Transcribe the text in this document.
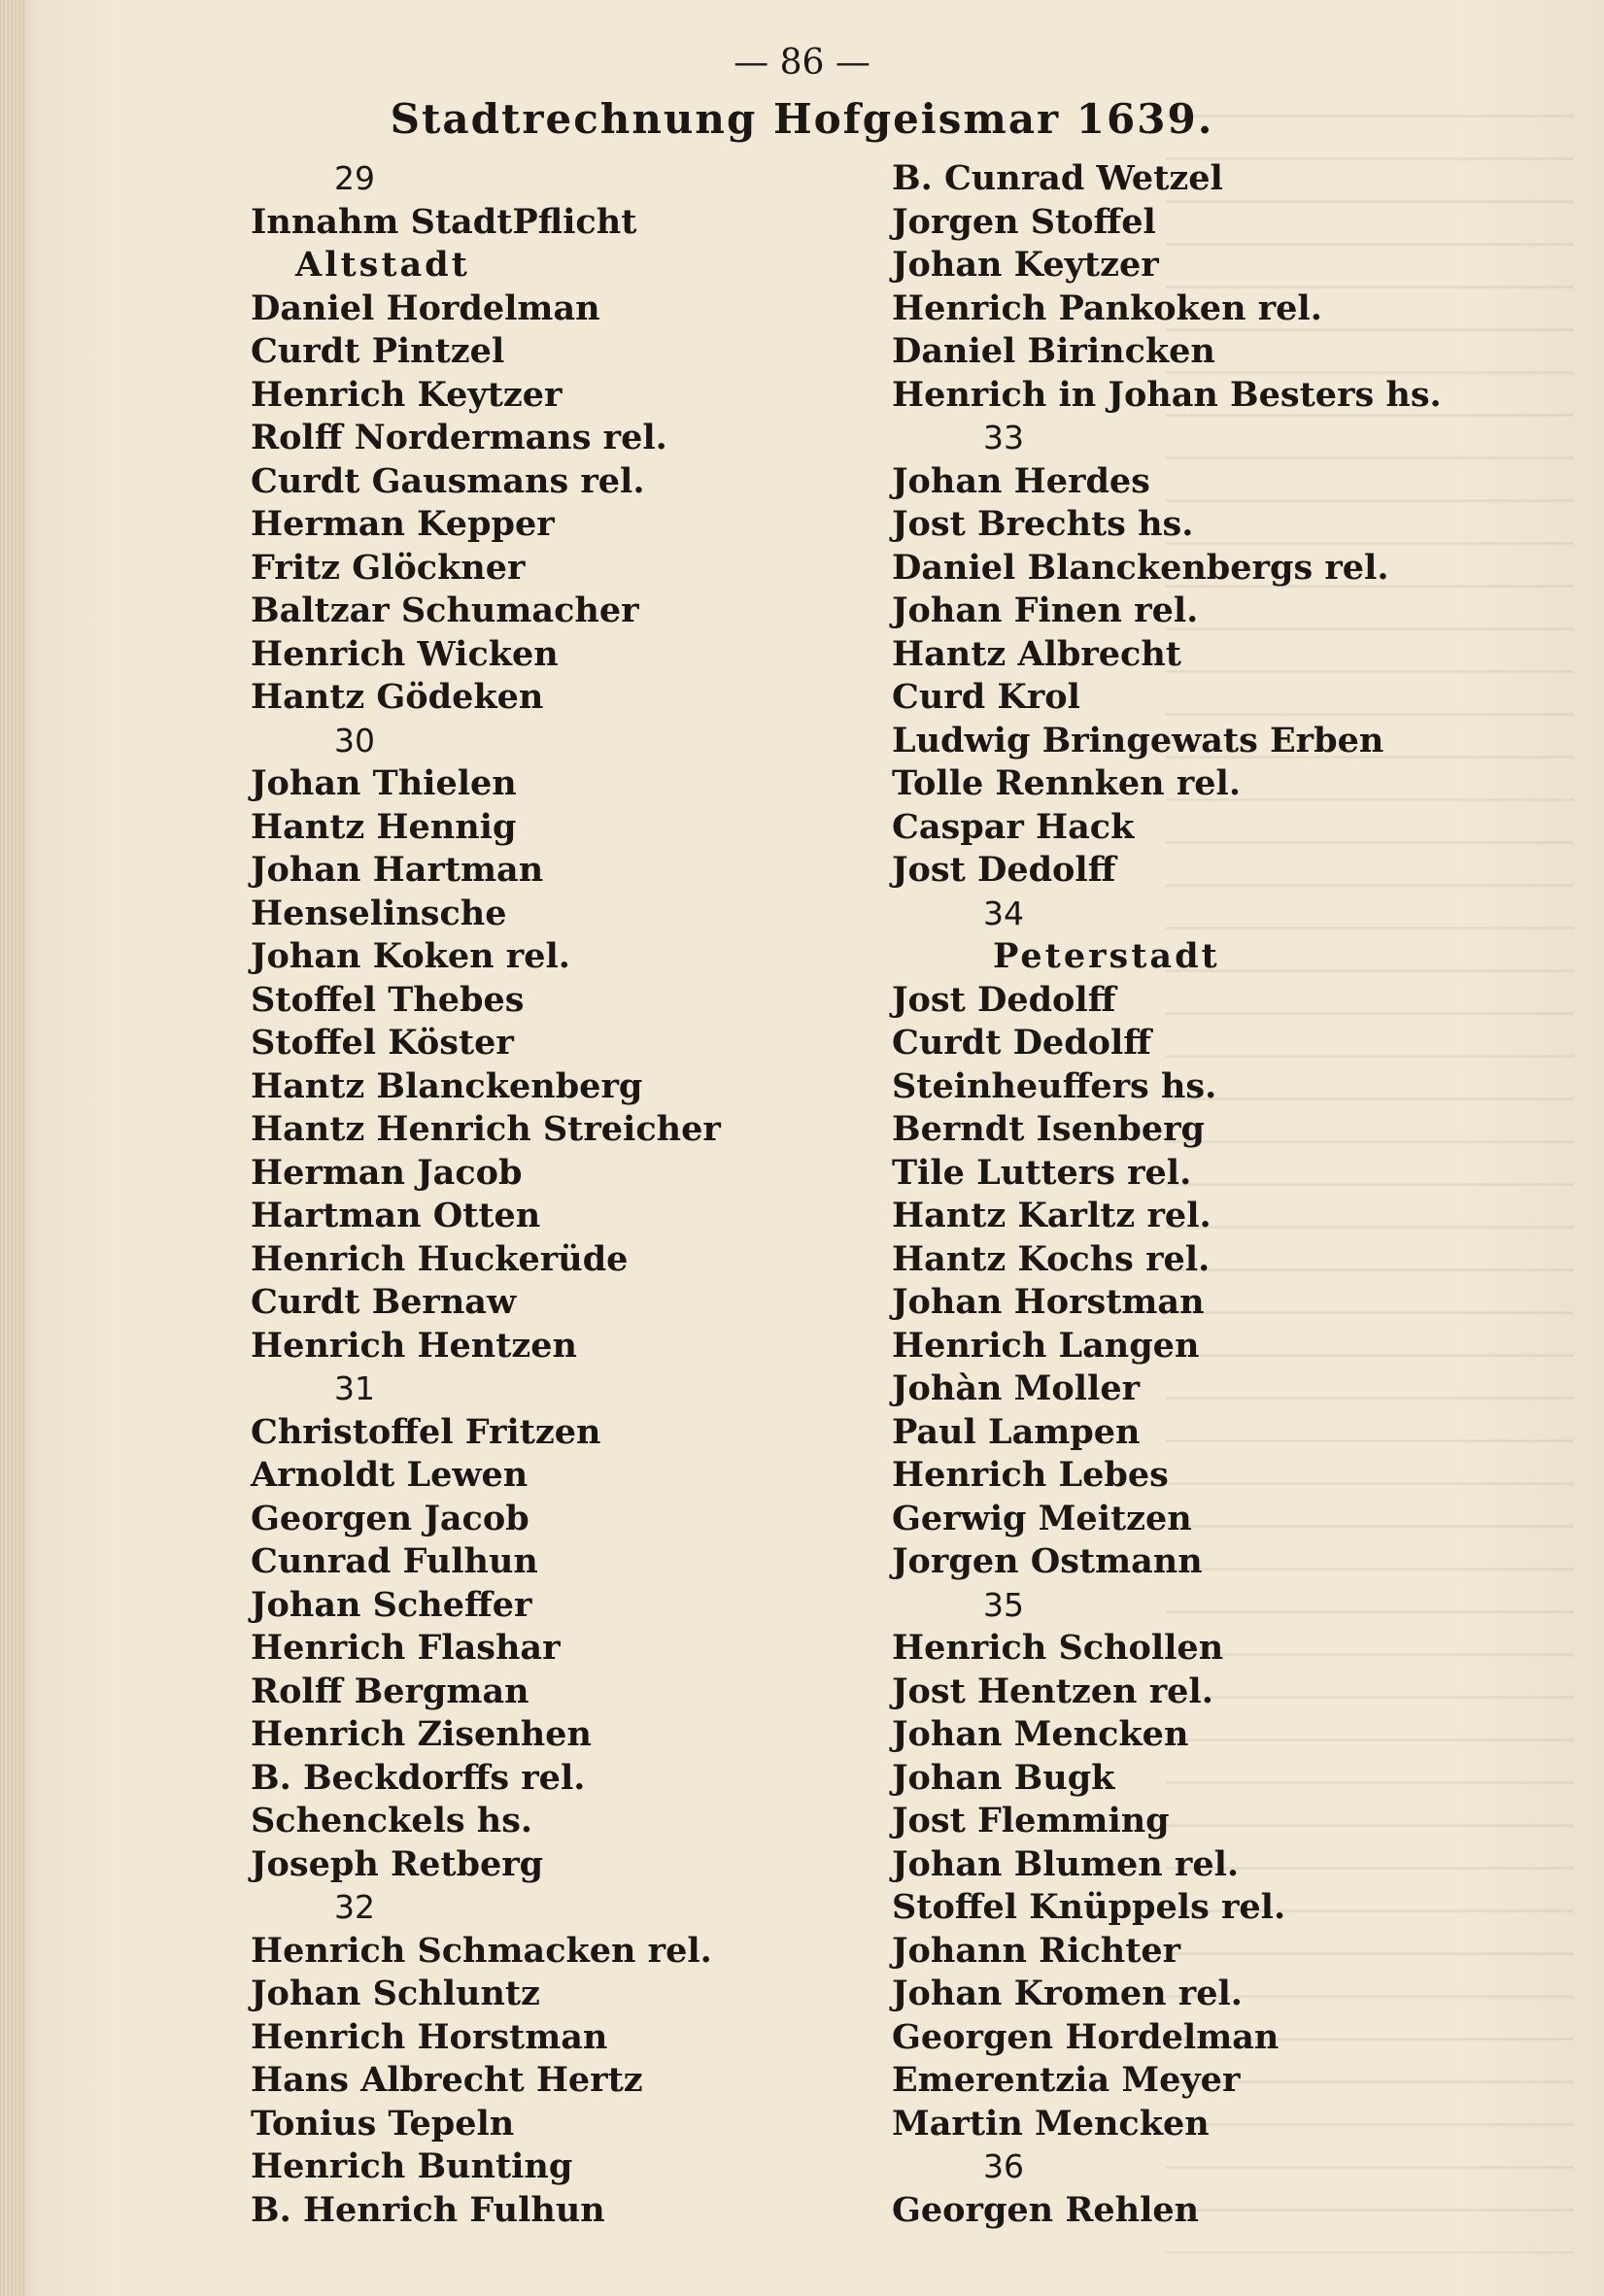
— 86 —
Stadtrechnung Hofgeismar 1639.
29
Innahm StadtPflicht
Altstadt
Daniel Hordelman
Curdt Pintzel
Henrich Keytzer
Rolff Nordermans rel.
Curdt Gausmans rel.
Herman Kepper
Fritz Glöckner
Baltzar Schumacher
Henrich Wicken
Hantz Gödeken
30
Johan Thielen
Hantz Hennig
Johan Hartman
Henselinsche
Johan Koken rel.
Stoffel Thebes
Stoffel Köster
Hantz Blanckenberg
Hantz Henrich Streicher
Herman Jacob
Hartman Otten
Henrich Huckerüde
Curdt Bernaw
Henrich Hentzen
31
Christoffel Fritzen
Arnoldt Lewen
Georgen Jacob
Cunrad Fulhun
Johan Scheffer
Henrich Flashar
Rolff Bergman
Henrich Zisenhen
B. Beckdorffs rel.
Schenckels hs.
Joseph Retberg
32
Henrich Schmacken rel.
Johan Schluntz
Henrich Horstman
Hans Albrecht Hertz
Tonius Tepeln
Henrich Bunting
B. Henrich Fulhun
B. Cunrad Wetzel
Jorgen Stoffel
Johan Keytzer
Henrich Pankoken rel.
Daniel Birincken
Henrich in Johan Besters hs.
33
Johan Herdes
Jost Brechts hs.
Daniel Blanckenbergs rel.
Johan Finen rel.
Hantz Albrecht
Curd Krol
Ludwig Bringewats Erben
Tolle Rennken rel.
Caspar Hack
Jost Dedolff
34
Peterstadt
Jost Dedolff
Curdt Dedolff
Steinheuffers hs.
Berndt Isenberg
Tile Lutters rel.
Hantz Karltz rel.
Hantz Kochs rel.
Johan Horstman
Henrich Langen
Johàn Moller
Paul Lampen
Henrich Lebes
Gerwig Meitzen
Jorgen Ostmann
35
Henrich Schollen
Jost Hentzen rel.
Johan Mencken
Johan Bugk
Jost Flemming
Johan Blumen rel.
Stoffel Knüppels rel.
Johann Richter
Johan Kromen rel.
Georgen Hordelman
Emerentzia Meyer
Martin Mencken
36
Georgen Rehlen
